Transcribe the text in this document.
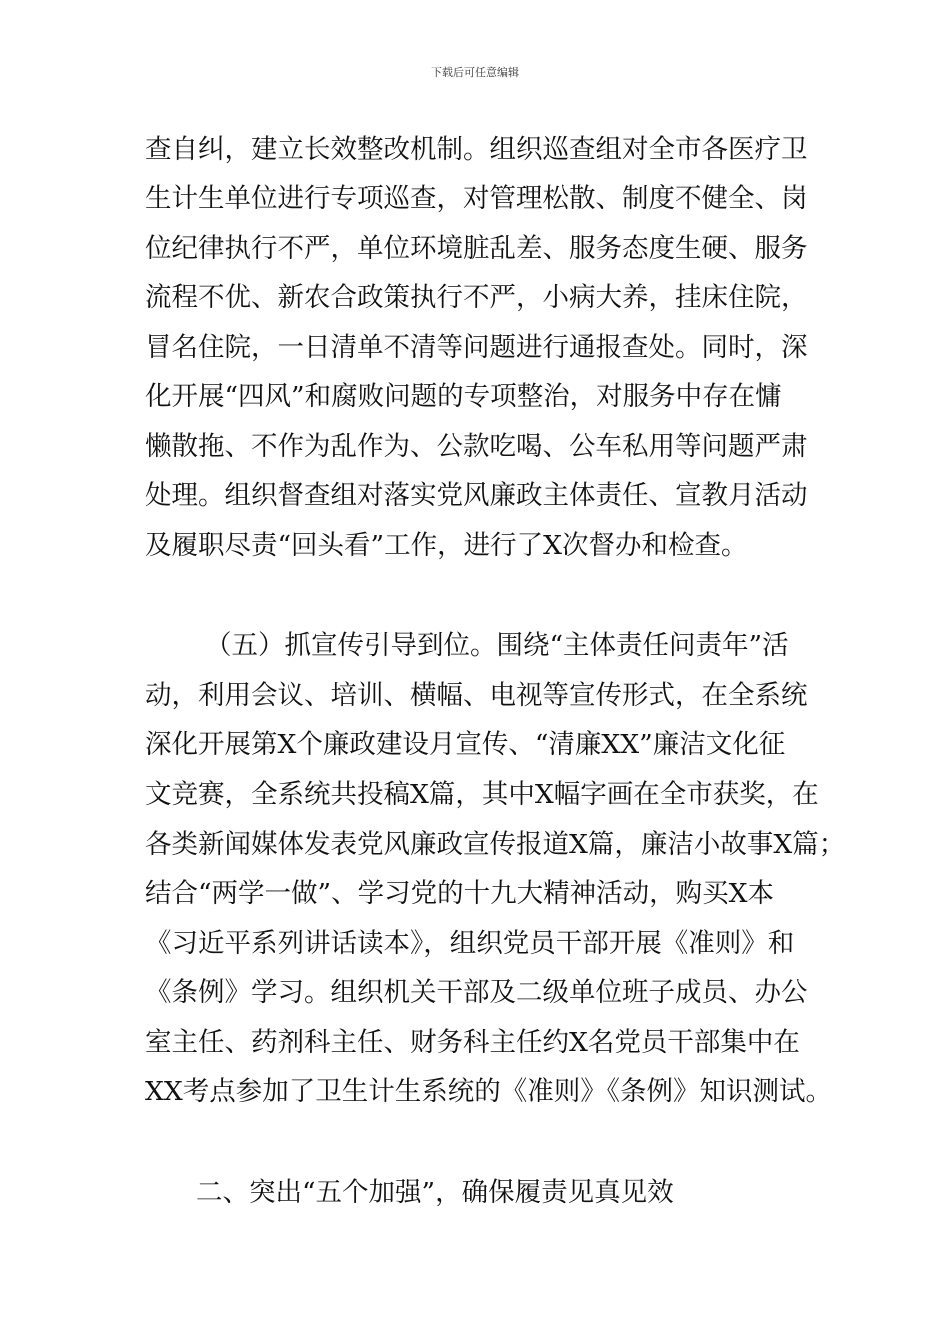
下载后可任意编辑
查自纠，建立长效整改机制。组织巡查组对全市各医疗卫
生计生单位进行专项巡查，对管理松散、制度不健全、岗
位纪律执行不严，单位环境脏乱差、服务态度生硬、服务
流程不优、新农合政策执行不严，小病大养，挂床住院，
冒名住院，一日清单不清等问题进行通报查处。同时，深
化开展“四风”和腐败问题的专项整治，对服务中存在慵
懒散拖、不作为乱作为、公款吃喝、公车私用等问题严肃
处理。组织督查组对落实党风廉政主体责任、宣教月活动
及履职尽责“回头看”工作，进行了X次督办和检查。
（五）抓宣传引导到位。围绕“主体责任问责年”活
动，利用会议、培训、横幅、电视等宣传形式，在全系统
深化开展第X个廉政建设月宣传、“清廉XX”廉洁文化征
文竞赛，全系统共投稿X篇，其中X幅字画在全市获奖，在
各类新闻媒体发表党风廉政宣传报道X篇，廉洁小故事X篇；
结合“两学一做”、学习党的十九大精神活动，购买X本
《习近平系列讲话读本》，组织党员干部开展《准则》和
《条例》学习。组织机关干部及二级单位班子成员、办公
室主任、药剂科主任、财务科主任约X名党员干部集中在
XX考点参加了卫生计生系统的《准则》《条例》知识测试。
二、突出“五个加强”，确保履责见真见效
